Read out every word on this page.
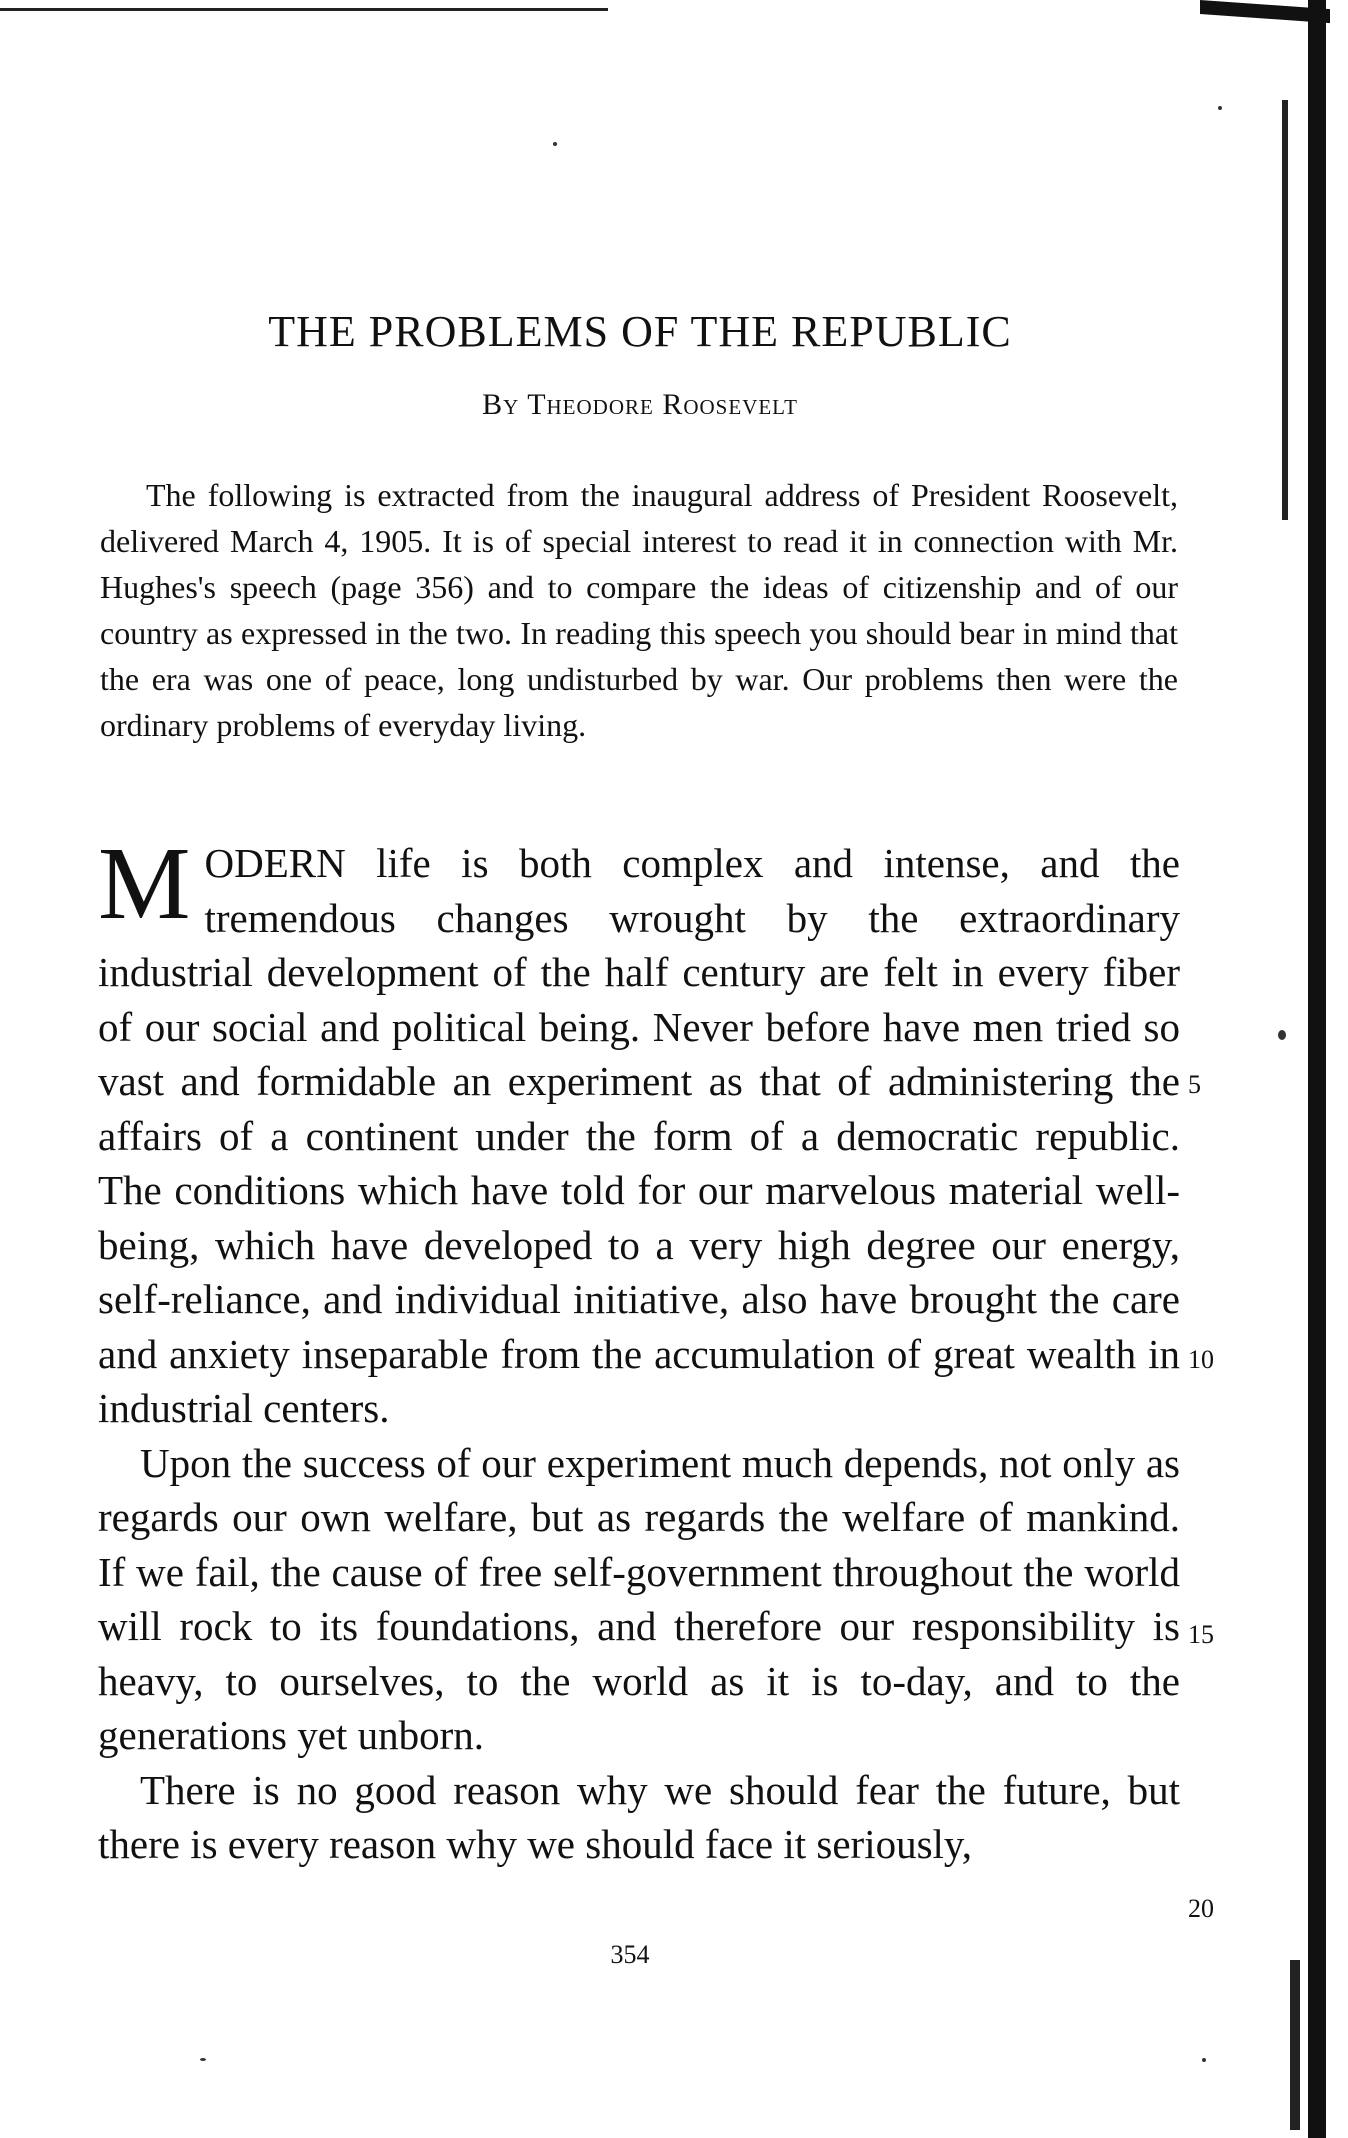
THE PROBLEMS OF THE REPUBLIC
By Theodore Roosevelt

The following is extracted from the inaugural address of President Roosevelt, delivered March 4, 1905. It is of special interest to read it in connection with Mr. Hughes's speech (page 356) and to compare the ideas of citizenship and of our country as expressed in the two. In reading this speech you should bear in mind that the era was one of peace, long undisturbed by war. Our problems then were the ordinary problems of everyday living.

MODERN life is both complex and intense, and the tremendous changes wrought by the extraordinary industrial development of the half century are felt in every fiber of our social and political being. Never before have men tried so vast and formidable an experiment as that of administering the affairs of a continent under the form of a democratic republic. The conditions which have told for our marvelous material well-being, which have developed to a very high degree our energy, self-reliance, and individual initiative, also have brought the care and anxiety inseparable from the accumulation of great wealth in industrial centers.

Upon the success of our experiment much depends, not only as regards our own welfare, but as regards the welfare of mankind. If we fail, the cause of free self-government throughout the world will rock to its foundations, and therefore our responsibility is heavy, to ourselves, to the world as it is to-day, and to the generations yet unborn.

There is no good reason why we should fear the future, but there is every reason why we should face it seriously,

5
10
15
20
354
